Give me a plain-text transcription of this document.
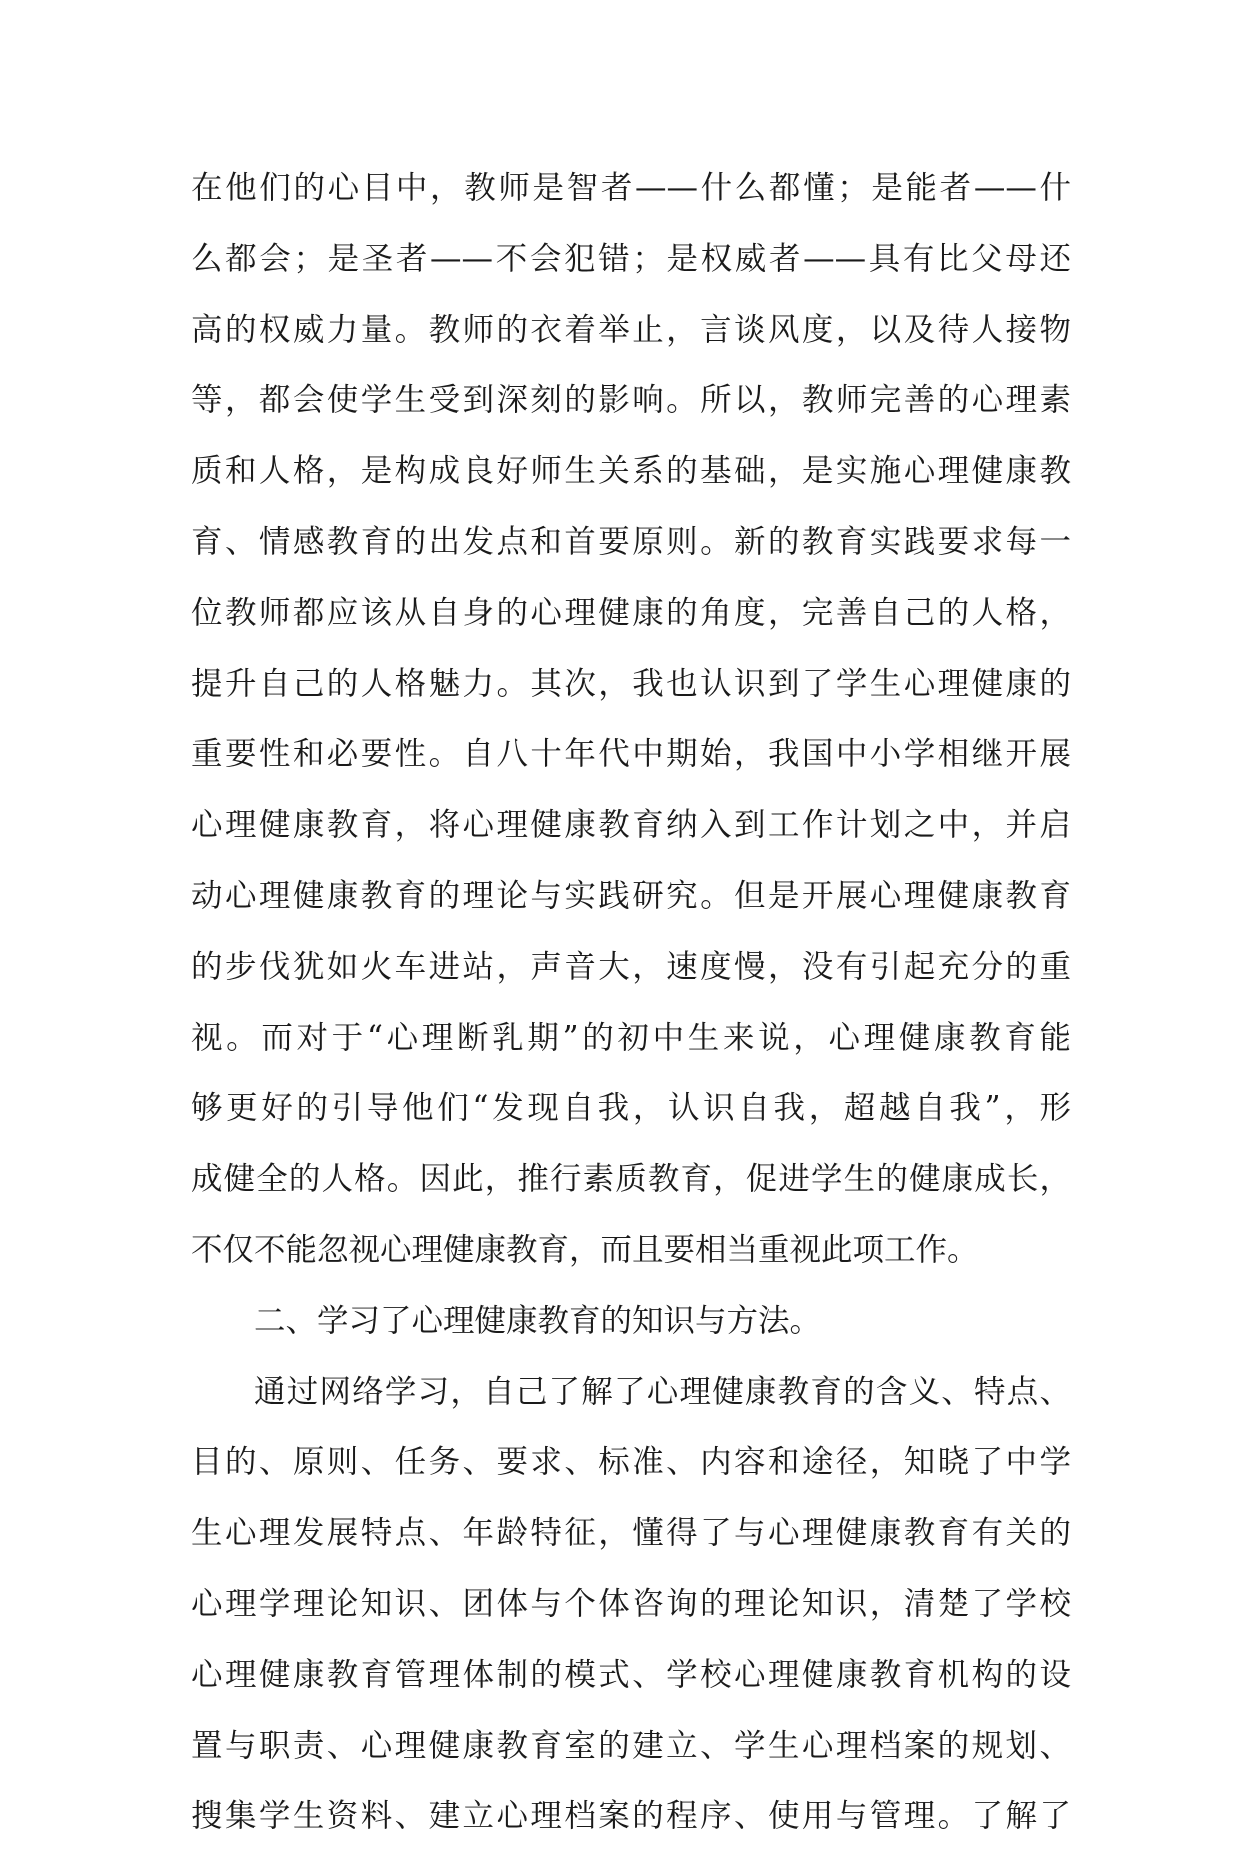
在他们的心目中，教师是智者——什么都懂；是能者——什
么都会；是圣者——不会犯错；是权威者——具有比父母还
高的权威力量。教师的衣着举止，言谈风度，以及待人接物
等，都会使学生受到深刻的影响。所以，教师完善的心理素
质和人格，是构成良好师生关系的基础，是实施心理健康教
育、情感教育的出发点和首要原则。新的教育实践要求每一
位教师都应该从自身的心理健康的角度，完善自己的人格，
提升自己的人格魅力。其次，我也认识到了学生心理健康的
重要性和必要性。自八十年代中期始，我国中小学相继开展
心理健康教育，将心理健康教育纳入到工作计划之中，并启
动心理健康教育的理论与实践研究。但是开展心理健康教育
的步伐犹如火车进站，声音大，速度慢，没有引起充分的重
视。而对于“心理断乳期”的初中生来说，心理健康教育能
够更好的引导他们“发现自我，认识自我，超越自我”，形
成健全的人格。因此，推行素质教育，促进学生的健康成长，
不仅不能忽视心理健康教育，而且要相当重视此项工作。
二、学习了心理健康教育的知识与方法。
通过网络学习，自己了解了心理健康教育的含义、特点、
目的、原则、任务、要求、标准、内容和途径，知晓了中学
生心理发展特点、年龄特征，懂得了与心理健康教育有关的
心理学理论知识、团体与个体咨询的理论知识，清楚了学校
心理健康教育管理体制的模式、学校心理健康教育机构的设
置与职责、心理健康教育室的建立、学生心理档案的规划、
搜集学生资料、建立心理档案的程序、使用与管理。了解了
